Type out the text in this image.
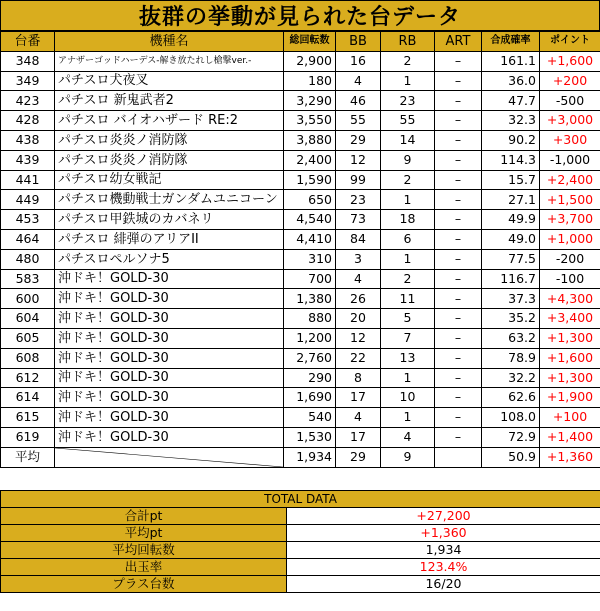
抜群の挙動が見られた台データ
台番	機種名	総回転数	BB	RB	ART	合成確率	ポイント
348	アナザーゴッドハーデス-解き放たれし槍撃ver.-	2,900	16	2	–	161.1	+1,600
349	パチスロ犬夜叉	180	4	1	–	36.0	+200
423	パチスロ 新鬼武者2	3,290	46	23	–	47.7	-500
428	パチスロ バイオハザード RE:2	3,550	55	55	–	32.3	+3,000
438	パチスロ炎炎ノ消防隊	3,880	29	14	–	90.2	+300
439	パチスロ炎炎ノ消防隊	2,400	12	9	–	114.3	-1,000
441	パチスロ幼女戦記	1,590	99	2	–	15.7	+2,400
449	パチスロ機動戦士ガンダムユニコーン	650	23	1	–	27.1	+1,500
453	パチスロ甲鉄城のカバネリ	4,540	73	18	–	49.9	+3,700
464	パチスロ 緋弾のアリアII	4,410	84	6	–	49.0	+1,000
480	パチスロペルソナ5	310	3	1	–	77.5	-200
583	沖ドキ！GOLD-30	700	4	2	–	116.7	-100
600	沖ドキ！GOLD-30	1,380	26	11	–	37.3	+4,300
604	沖ドキ！GOLD-30	880	20	5	–	35.2	+3,400
605	沖ドキ！GOLD-30	1,200	12	7	–	63.2	+1,300
608	沖ドキ！GOLD-30	2,760	22	13	–	78.9	+1,600
612	沖ドキ！GOLD-30	290	8	1	–	32.2	+1,300
614	沖ドキ！GOLD-30	1,690	17	10	–	62.6	+1,900
615	沖ドキ！GOLD-30	540	4	1	–	108.0	+100
619	沖ドキ！GOLD-30	1,530	17	4	–	72.9	+1,400
平均		1,934	29	9		50.9	+1,360
TOTAL DATA	
合計pt	+27,200
平均pt	+1,360
平均回転数	1,934
出玉率	123.4%
プラス台数	16/20
